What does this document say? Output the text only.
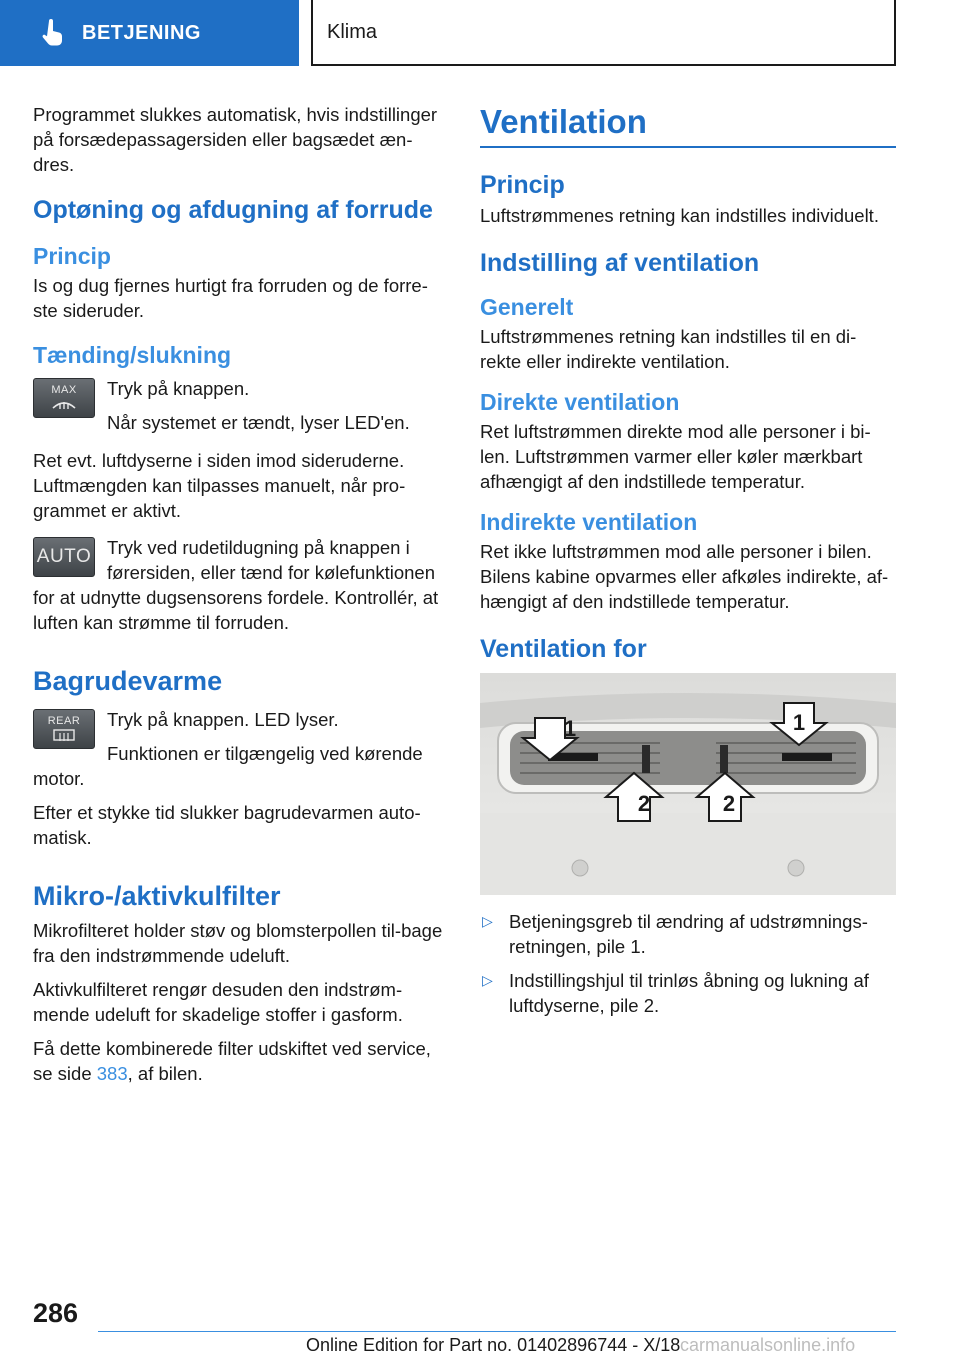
BETJENING	Klima

Programmet slukkes automatisk, hvis indstillinger på forsædepassagersiden eller bagsædet æn-dres.

Optøning og afdugning af forrude
Princip

Is og dug fjernes hurtigt fra forruden og de forre-ste sideruder.

Tænding/slukning
MAX	Tryk på knappen.

Når systemet er tændt, lyser LED'en.

Ret evt. luftdyserne i siden imod sideruderne. Luftmængden kan tilpasses manuelt, når pro-grammet er aktivt.

AUTO Tryk ved rudetildugning på knappen i førersiden, eller tænd for kølefunktionen for at udnytte dugsensorens fordele. Kontrollér, at luften kan strømme til forruden.

Bagrudevarme
REAR	Tryk på knappen. LED lyser.

Funktionen er tilgængelig ved kørende motor.

Efter et stykke tid slukker bagrudevarmen auto-matisk.

Mikro-/aktivkulfilter

Mikrofilteret holder støv og blomsterpollen til-bage fra den indstrømmende udeluft.

Aktivkulfilteret rengør desuden den indstrøm-mende udeluft for skadelige stoffer i gasform.

Få dette kombinerede filter udskiftet ved service, se side 383, af bilen.

Ventilation
Princip

Luftstrømmenes retning kan indstilles individuelt.

Indstilling af ventilation
Generelt

Luftstrømmenes retning kan indstilles til en di-rekte eller indirekte ventilation.

Direkte ventilation

Ret luftstrømmen direkte mod alle personer i bi-len. Luftstrømmen varmer eller køler mærkbart afhængigt af den indstillede temperatur.

Indirekte ventilation

Ret ikke luftstrømmen mod alle personer i bilen. Bilens kabine opvarmes eller afkøles indirekte, af-hængigt af den indstillede temperatur.

Ventilation for
1	1
2	2
▷ Betjeningsgreb til ændring af udstrømnings-retningen, pile 1.
▷ Indstillingshjul til trinløs åbning og lukning af luftdyserne, pile 2.
286
Online Edition for Part no. 01402896744 - X/18 carmanualsonline.info
